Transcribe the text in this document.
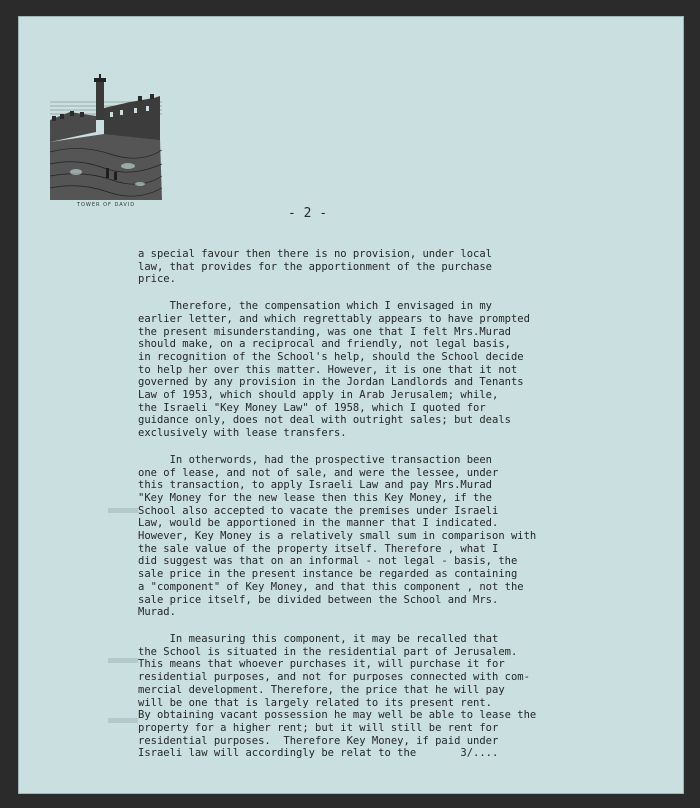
TOWER OF DAVID
- 2 -
a special favour then there is no provision, under local
law, that provides for the apportionment of the purchase
price.
Therefore, the compensation which I envisaged in my
earlier letter, and which regrettably appears to have prompted
the present misunderstanding, was one that I felt Mrs.Murad
should make, on a reciprocal and friendly, not legal basis,
in recognition of the School's help, should the School decide
to help her over this matter. However, it is one that it not
governed by any provision in the Jordan Landlords and Tenants
Law of 1953, which should apply in Arab Jerusalem; while,
the Israeli "Key Money Law" of 1958, which I quoted for
guidance only, does not deal with outright sales; but deals
exclusively with lease transfers.
In otherwords, had the prospective transaction been
one of lease, and not of sale, and were the lessee, under
this transaction, to apply Israeli Law and pay Mrs.Murad
"Key Money for the new lease then this Key Money, if the
School also accepted to vacate the premises under Israeli
Law, would be apportioned in the manner that I indicated.
However, Key Money is a relatively small sum in comparison with
the sale value of the property itself. Therefore , what I
did suggest was that on an informal - not legal - basis, the
sale price in the present instance be regarded as containing
a "component" of Key Money, and that this component , not the
sale price itself, be divided between the School and Mrs.
Murad.
In measuring this component, it may be recalled that
the School is situated in the residential part of Jerusalem.
This means that whoever purchases it, will purchase it for
residential purposes, and not for purposes connected with com-
mercial development. Therefore, the price that he will pay
will be one that is largely related to its present rent.
By obtaining vacant possession he may well be able to lease the
property for a higher rent; but it will still be rent for
residential purposes.  Therefore Key Money, if paid under
Israeli law will accordingly be relat to the       3/....
